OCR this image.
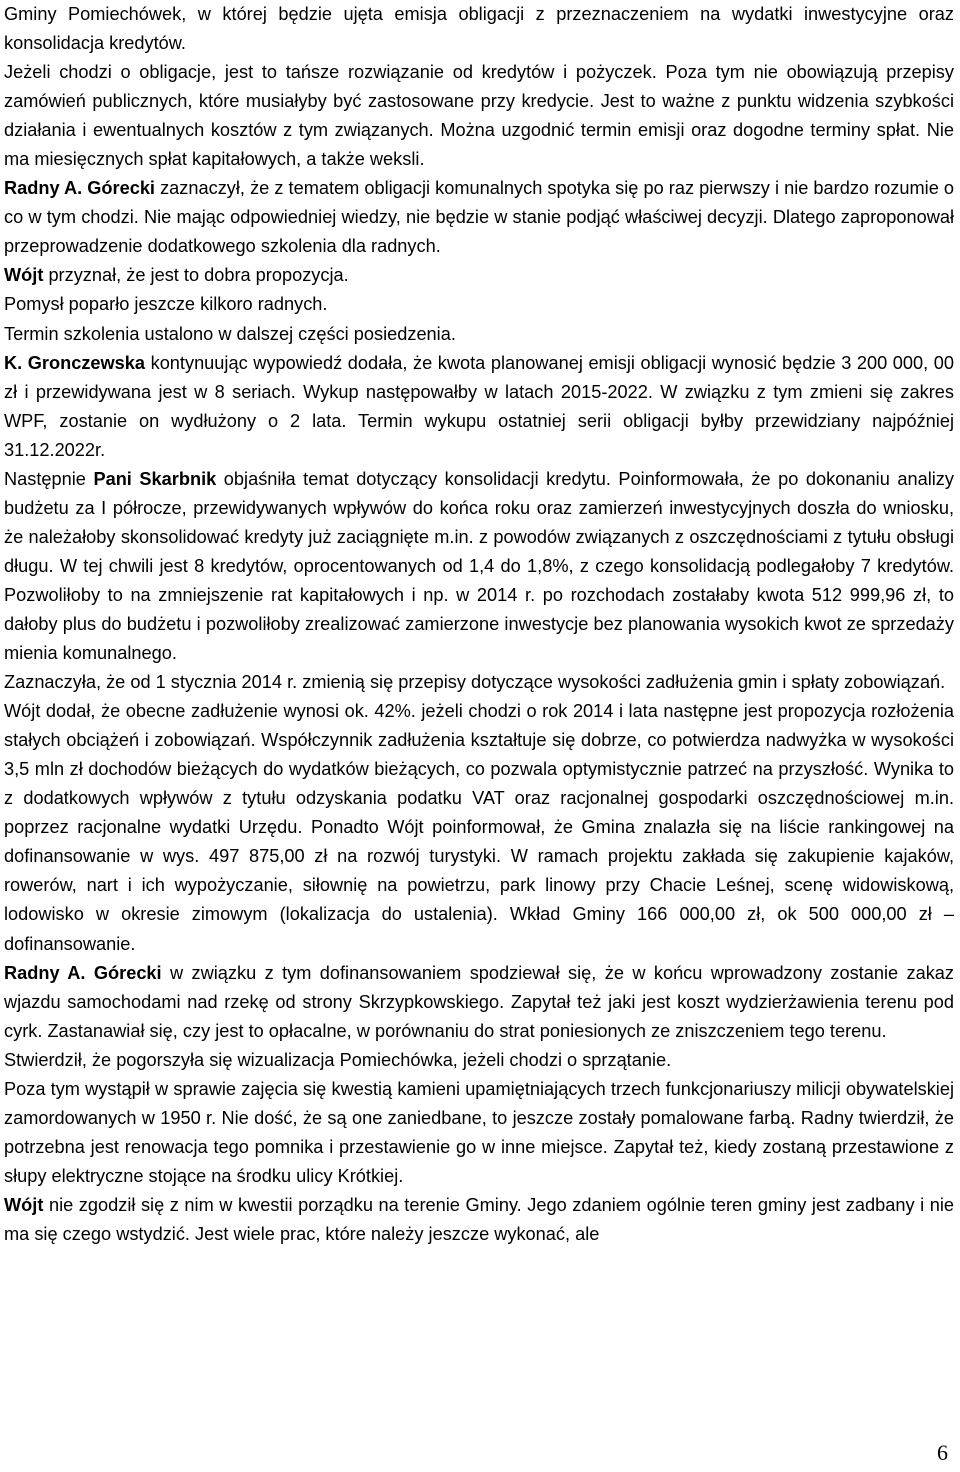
Gminy Pomiechówek, w której będzie ujęta emisja obligacji z przeznaczeniem na wydatki inwestycyjne oraz konsolidacja kredytów.

Jeżeli chodzi o obligacje, jest to tańsze rozwiązanie od kredytów i pożyczek. Poza tym nie obowiązują przepisy zamówień publicznych, które musiałyby być zastosowane przy kredycie. Jest to ważne z punktu widzenia szybkości działania i ewentualnych kosztów z tym związanych. Można uzgodnić termin emisji oraz dogodne terminy spłat. Nie ma miesięcznych spłat kapitałowych, a także weksli.

Radny A. Górecki zaznaczył, że z tematem obligacji komunalnych spotyka się po raz pierwszy i nie bardzo rozumie o co w tym chodzi. Nie mając odpowiedniej wiedzy, nie będzie w stanie podjąć właściwej decyzji. Dlatego zaproponował przeprowadzenie dodatkowego szkolenia dla radnych.

Wójt przyznał, że jest to dobra propozycja.

Pomysł poparło jeszcze kilkoro radnych.

Termin szkolenia ustalono w dalszej części posiedzenia.

K. Gronczewska kontynuując wypowiedź dodała, że kwota planowanej emisji obligacji wynosić będzie 3 200 000, 00 zł i przewidywana jest w 8 seriach. Wykup następowałby w latach 2015-2022. W związku z tym zmieni się zakres WPF, zostanie on wydłużony o 2 lata. Termin wykupu ostatniej serii obligacji byłby przewidziany najpóźniej 31.12.2022r.

Następnie Pani Skarbnik objaśniła temat dotyczący konsolidacji kredytu. Poinformowała, że po dokonaniu analizy budżetu za I półrocze, przewidywanych wpływów do końca roku oraz zamierzeń inwestycyjnych doszła do wniosku, że należałoby skonsolidować kredyty już zaciągnięte m.in. z powodów związanych z oszczędnościami z tytułu obsługi długu. W tej chwili jest 8 kredytów, oprocentowanych od 1,4 do 1,8%, z czego konsolidacją podlegałoby 7 kredytów. Pozwoliłoby to na zmniejszenie rat kapitałowych i np. w 2014 r. po rozchodach zostałaby kwota 512 999,96 zł, to dałoby plus do budżetu i pozwoliłoby zrealizować zamierzone inwestycje bez planowania wysokich kwot ze sprzedaży mienia komunalnego.

Zaznaczyła, że od 1 stycznia 2014 r. zmienią się przepisy dotyczące wysokości zadłużenia gmin i spłaty zobowiązań.

Wójt dodał, że obecne zadłużenie wynosi ok. 42%. jeżeli chodzi o rok 2014 i lata następne jest propozycja rozłożenia stałych obciążeń i zobowiązań. Współczynnik zadłużenia kształtuje się dobrze, co potwierdza nadwyżka w wysokości 3,5 mln zł dochodów bieżących do wydatków bieżących, co pozwala optymistycznie patrzeć na przyszłość. Wynika to z dodatkowych wpływów z tytułu odzyskania podatku VAT oraz racjonalnej gospodarki oszczędnościowej m.in. poprzez racjonalne wydatki Urzędu. Ponadto Wójt poinformował, że Gmina znalazła się na liście rankingowej na dofinansowanie w wys. 497 875,00 zł na rozwój turystyki. W ramach projektu zakłada się zakupienie kajaków, rowerów, nart i ich wypożyczanie, siłownię na powietrzu, park linowy przy Chacie Leśnej, scenę widowiskową, lodowisko w okresie zimowym (lokalizacja do ustalenia). Wkład Gminy 166 000,00 zł, ok 500 000,00 zł – dofinansowanie.

Radny A. Górecki w związku z tym dofinansowaniem spodziewał się, że w końcu wprowadzony zostanie zakaz wjazdu samochodami nad rzekę od strony Skrzypkowskiego. Zapytał też jaki jest koszt wydzierżawienia terenu pod cyrk. Zastanawiał się, czy jest to opłacalne, w porównaniu do strat poniesionych ze zniszczeniem tego terenu.

Stwierdził, że pogorszyła się wizualizacja Pomiechówka, jeżeli chodzi o sprzątanie.

Poza tym wystąpił w sprawie zajęcia się kwestią kamieni upamiętniających trzech funkcjonariuszy milicji obywatelskiej zamordowanych w 1950 r. Nie dość, że są one zaniedbane, to jeszcze zostały pomalowane farbą. Radny twierdził, że potrzebna jest renowacja tego pomnika i przestawienie go w inne miejsce. Zapytał też, kiedy zostaną przestawione z słupy elektryczne stojące na środku ulicy Krótkiej.

Wójt nie zgodził się z nim w kwestii porządku na terenie Gminy. Jego zdaniem ogólnie teren gminy jest zadbany i nie ma się czego wstydzić. Jest wiele prac, które należy jeszcze wykonać, ale

6
